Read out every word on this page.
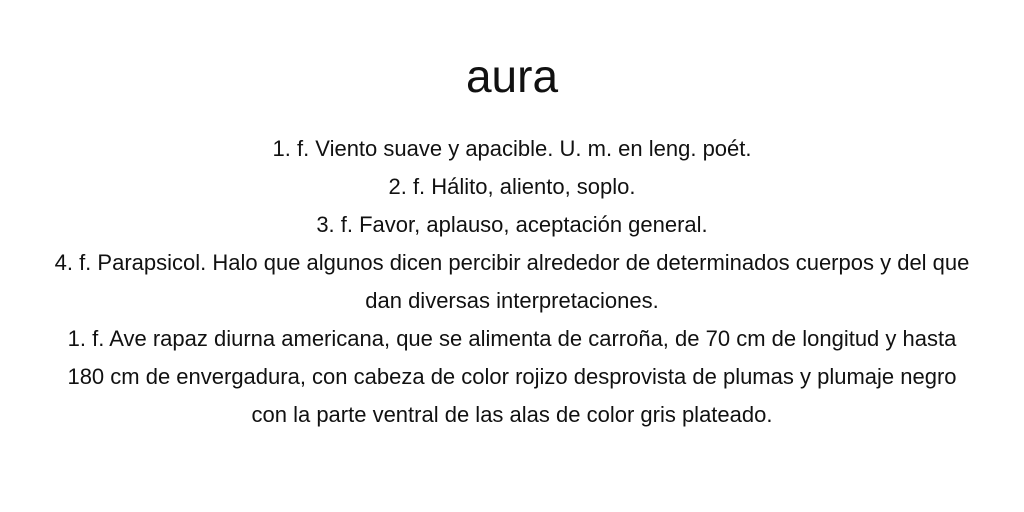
aura

1. f. Viento suave y apacible. U. m. en leng. poét.

2. f. Hálito, aliento, soplo.

3. f. Favor, aplauso, aceptación general.

4. f. Parapsicol. Halo que algunos dicen percibir alrededor de determinados cuerpos y del que dan diversas interpretaciones.

1. f. Ave rapaz diurna americana, que se alimenta de carroña, de 70 cm de longitud y hasta 180 cm de envergadura, con cabeza de color rojizo desprovista de plumas y plumaje negro con la parte ventral de las alas de color gris plateado.
